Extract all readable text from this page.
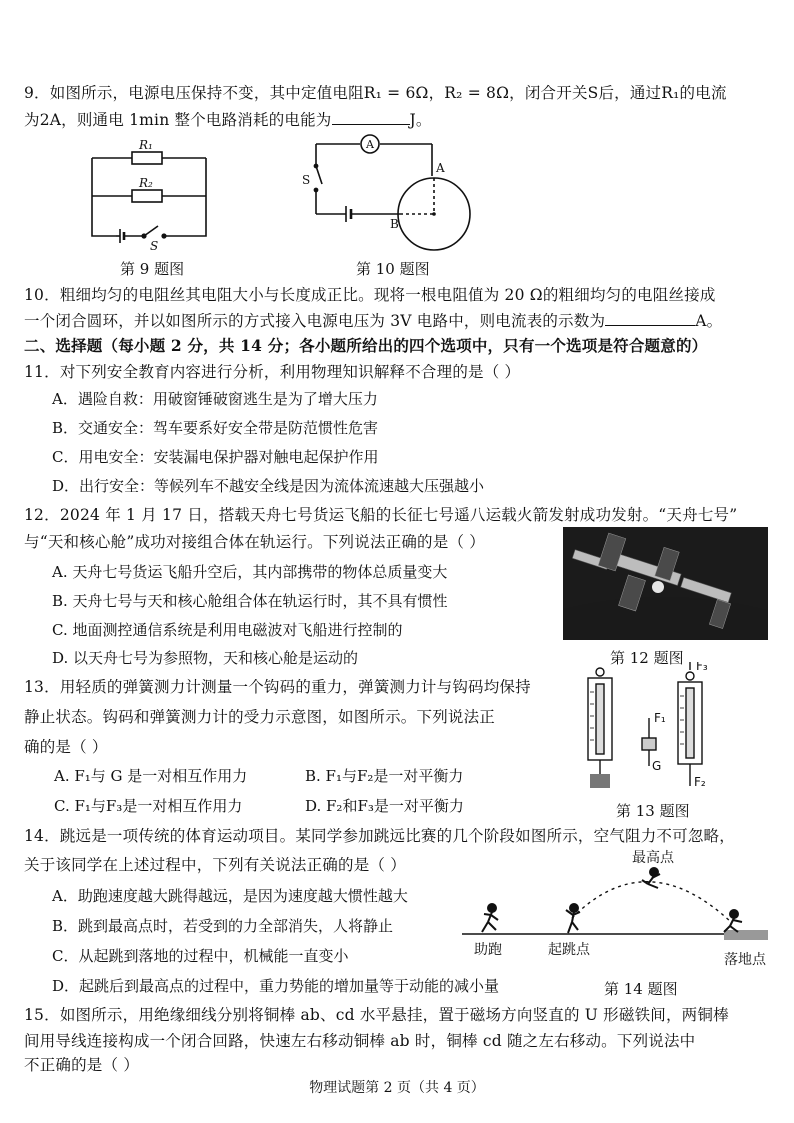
9．如图所示，电源电压保持不变，其中定值电阻R₁ = 6Ω，R₂ = 8Ω，闭合开关S后，通过R₁的电流
为2A，则通电 1min 整个电路消耗的电能为	J。
R₁
R₂
S
第 9 题图
A
S
A
B
第 10 题图
10．粗细均匀的电阻丝其电阻大小与长度成正比。现将一根电阻值为 20 Ω的粗细均匀的电阻丝接成
一个闭合圆环，并以如图所示的方式接入电源电压为 3V 电路中，则电流表的示数为	A。
二、选择题（每小题 2 分，共 14 分；各小题所给出的四个选项中，只有一个选项是符合题意的）
11．对下列安全教育内容进行分析，利用物理知识解释不合理的是（ ）
A．遇险自救：用破窗锤破窗逃生是为了增大压力
B．交通安全：驾车要系好安全带是防范惯性危害
C．用电安全：安装漏电保护器对触电起保护作用
D．出行安全：等候列车不越安全线是因为流体流速越大压强越小
12．2024 年 1 月 17 日，搭载天舟七号货运飞船的长征七号遥八运载火箭发射成功发射。“天舟七号”
与“天和核心舱”成功对接组合体在轨运行。下列说法正确的是（ ）
A. 天舟七号货运飞船升空后，其内部携带的物体总质量变大
B. 天舟七号与天和核心舱组合体在轨运行时，其不具有惯性
C. 地面测控通信系统是利用电磁波对飞船进行控制的
D. 以天舟七号为参照物，天和核心舱是运动的	第 12 题图
13．用轻质的弹簧测力计测量一个钩码的重力，弹簧测力计与钩码均保持
静止状态。钩码和弹簧测力计的受力示意图，如图所示。下列说法正
确的是（ ）
A. F₁与 G 是一对相互作用力	B. F₁与F₂是一对平衡力
C. F₁与F₃是一对相互作用力	D. F₂和F₃是一对平衡力
F₁
G
F₃
F₂
第 13 题图
14．跳远是一项传统的体育运动项目。某同学参加跳远比赛的几个阶段如图所示，空气阻力不可忽略，
关于该同学在上述过程中，下列有关说法正确的是（ ）
A．助跑速度越大跳得越远，是因为速度越大惯性越大
B．跳到最高点时，若受到的力全部消失，人将静止
C．从起跳到落地的过程中，机械能一直变小
D．起跳后到最高点的过程中，重力势能的增加量等于动能的减小量
最高点
助跑	起跳点
落地点
第 14 题图
15．如图所示，用绝缘细线分别将铜棒 ab、cd 水平悬挂，置于磁场方向竖直的 U 形磁铁间，两铜棒
间用导线连接构成一个闭合回路，快速左右移动铜棒 ab 时，铜棒 cd 随之左右移动。下列说法中
不正确的是（ ）
物理试题第 2 页（共 4 页）
